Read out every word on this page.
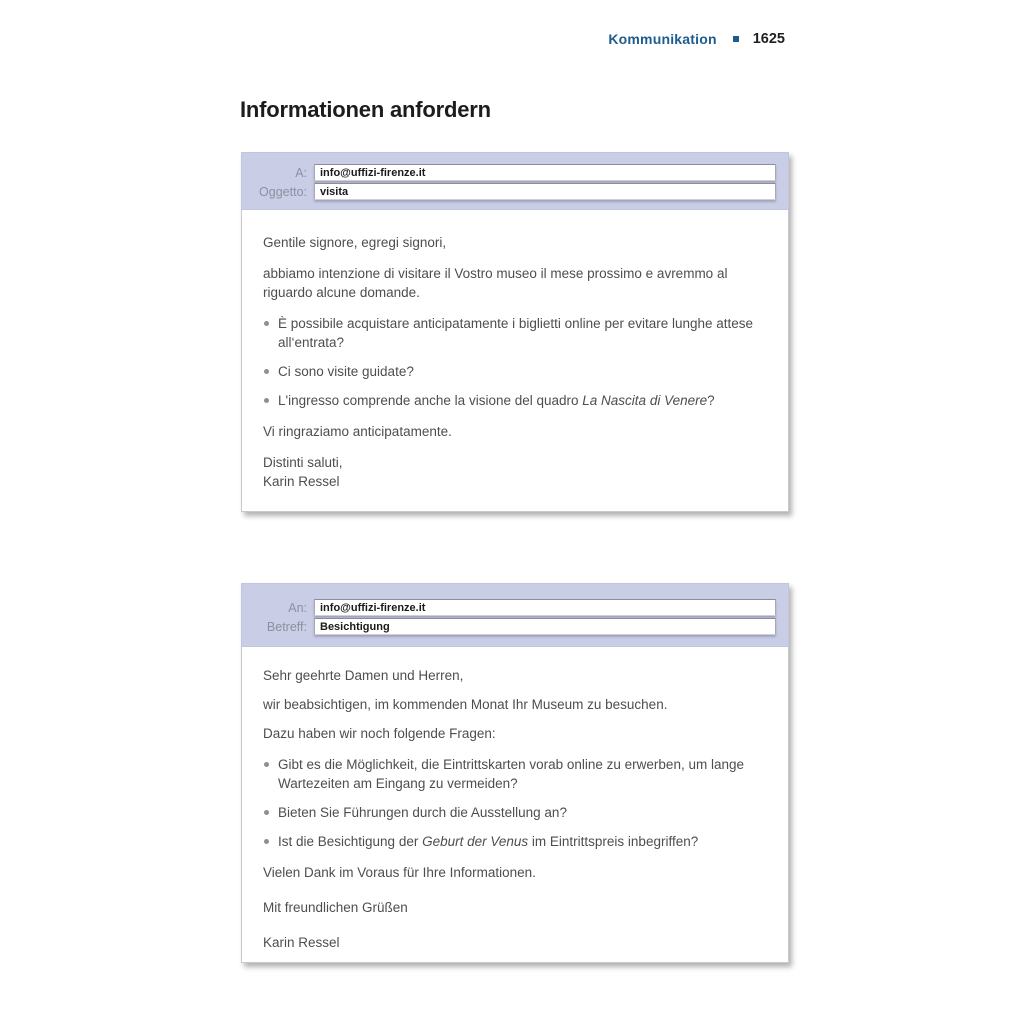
Kommunikation 1625
Informationen anfordern
A:
info@uffizi-firenze.it
Oggetto:
visita

Gentile signore, egregi signori,

abbiamo intenzione di visitare il Vostro museo il mese prossimo e avremmo al riguardo alcune domande.

È possibile acquistare anticipatamente i biglietti online per evitare lunghe attese all‘entrata?
Ci sono visite guidate?
L'ingresso comprende anche la visione del quadro La Nascita di Venere?

Vi ringraziamo anticipatamente.

Distinti saluti,
Karin Ressel

An:
info@uffizi-firenze.it
Betreff:
Besichtigung

Sehr geehrte Damen und Herren,

wir beabsichtigen, im kommenden Monat Ihr Museum zu besuchen.

Dazu haben wir noch folgende Fragen:

Gibt es die Möglichkeit, die Eintrittskarten vorab online zu erwerben, um lange Wartezeiten am Eingang zu vermeiden?
Bieten Sie Führungen durch die Ausstellung an?
Ist die Besichtigung der Geburt der Venus im Eintrittspreis inbegriffen?

Vielen Dank im Voraus für Ihre Informationen.

Mit freundlichen Grüßen

Karin Ressel
